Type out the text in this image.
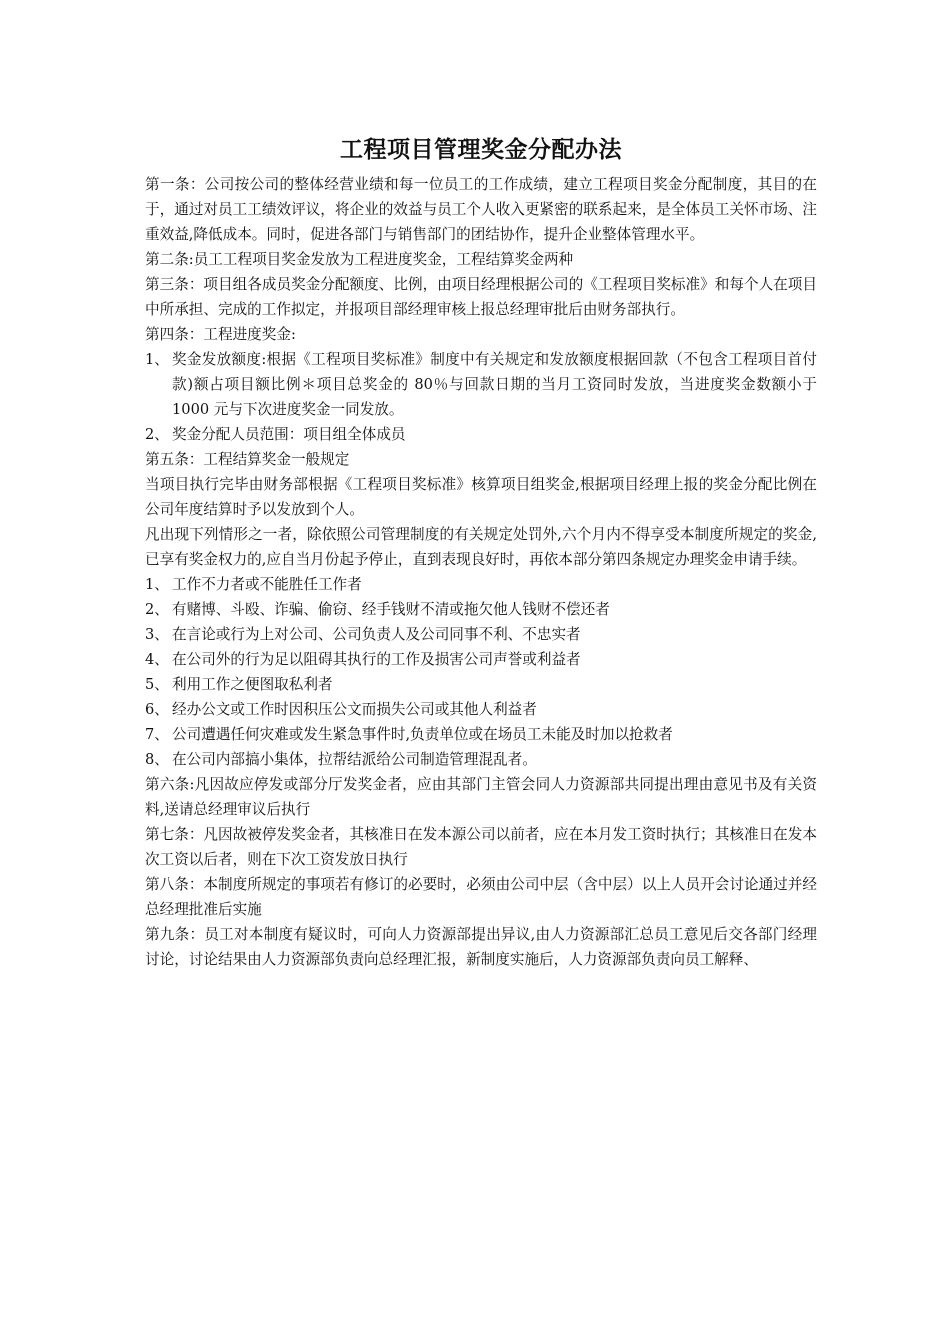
工程项目管理奖金分配办法

第一条：公司按公司的整体经营业绩和每一位员工的工作成绩，建立工程项目奖金分配制度，其目的在于，通过对员工工绩效评议，将企业的效益与员工个人收入更紧密的联系起来，是全体员工关怀市场、注重效益,降低成本。同时，促进各部门与销售部门的团结协作，提升企业整体管理水平。

第二条:员工工程项目奖金发放为工程进度奖金，工程结算奖金两种

第三条：项目组各成员奖金分配额度、比例，由项目经理根据公司的《工程项目奖标准》和每个人在项目中所承担、完成的工作拟定，并报项目部经理审核上报总经理审批后由财务部执行。

第四条：工程进度奖金:

1、 奖金发放额度:根据《工程项目奖标准》制度中有关规定和发放额度根据回款（不包含工程项目首付款)额占项目额比例＊项目总奖金的 80％与回款日期的当月工资同时发放，当进度奖金数额小于 1000 元与下次进度奖金一同发放。
2、 奖金分配人员范围：项目组全体成员

第五条：工程结算奖金一般规定

当项目执行完毕由财务部根据《工程项目奖标准》核算项目组奖金,根据项目经理上报的奖金分配比例在公司年度结算时予以发放到个人。

凡出现下列情形之一者，除依照公司管理制度的有关规定处罚外,六个月内不得享受本制度所规定的奖金,已享有奖金权力的,应自当月份起予停止，直到表现良好时，再依本部分第四条规定办理奖金申请手续。

1、 工作不力者或不能胜任工作者
2、 有赌博、斗殴、诈骗、偷窃、经手钱财不清或拖欠他人钱财不偿还者
3、 在言论或行为上对公司、公司负责人及公司同事不利、不忠实者
4、 在公司外的行为足以阻碍其执行的工作及损害公司声誉或利益者
5、 利用工作之便图取私利者
6、 经办公文或工作时因积压公文而损失公司或其他人利益者
7、 公司遭遇任何灾难或发生紧急事件时,负责单位或在场员工未能及时加以抢救者
8、 在公司内部搞小集体，拉帮结派给公司制造管理混乱者。

第六条:凡因故应停发或部分厅发奖金者，应由其部门主管会同人力资源部共同提出理由意见书及有关资料,送请总经理审议后执行

第七条：凡因故被停发奖金者，其核准日在发本源公司以前者，应在本月发工资时执行；其核准日在发本次工资以后者，则在下次工资发放日执行

第八条：本制度所规定的事项若有修订的必要时，必须由公司中层（含中层）以上人员开会讨论通过并经总经理批准后实施

第九条：员工对本制度有疑议时，可向人力资源部提出异议,由人力资源部汇总员工意见后交各部门经理讨论，讨论结果由人力资源部负责向总经理汇报，新制度实施后，人力资源部负责向员工解释、
